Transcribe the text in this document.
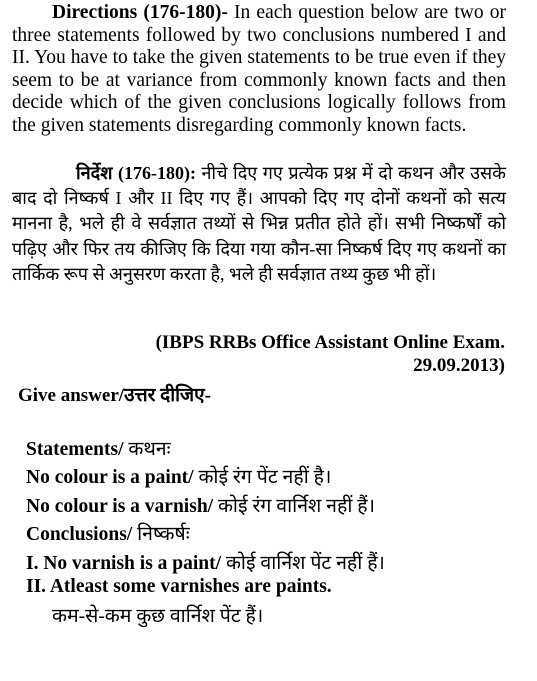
Directions (176-180)- In each question below are two or three statements followed by two conclusions numbered I and II. You have to take the given statements to be true even if they seem to be at variance from commonly known facts and then decide which of the given conclusions logically follows from the given statements disregarding commonly known facts.

निर्देश (176-180): नीचे दिए गए प्रत्येक प्रश्न में दो कथन और उसके बाद दो निष्कर्ष I और II दिए गए हैं। आपको दिए गए दोनों कथनों को सत्य मानना है, भले ही वे सर्वज्ञात तथ्यों से भिन्न प्रतीत होते हों। सभी निष्कर्षों को पढ़िए और फिर तय कीजिए कि दिया गया कौन-सा निष्कर्ष दिए गए कथनों का तार्किक रूप से अनुसरण करता है, भले ही सर्वज्ञात तथ्य कुछ भी हों।

(IBPS RRBs Office Assistant Online Exam.

29.09.2013)

Give answer/उत्तर दीजिए-

Statements/ कथनः

No colour is a paint/ कोई रंग पेंट नहीं है।

No colour is a varnish/ कोई रंग वार्निश नहीं हैं।

Conclusions/ निष्कर्षः

I. No varnish is a paint/ कोई वार्निश पेंट नहीं हैं।

II. Atleast some varnishes are paints.

कम-से-कम कुछ वार्निश पेंट हैं।
